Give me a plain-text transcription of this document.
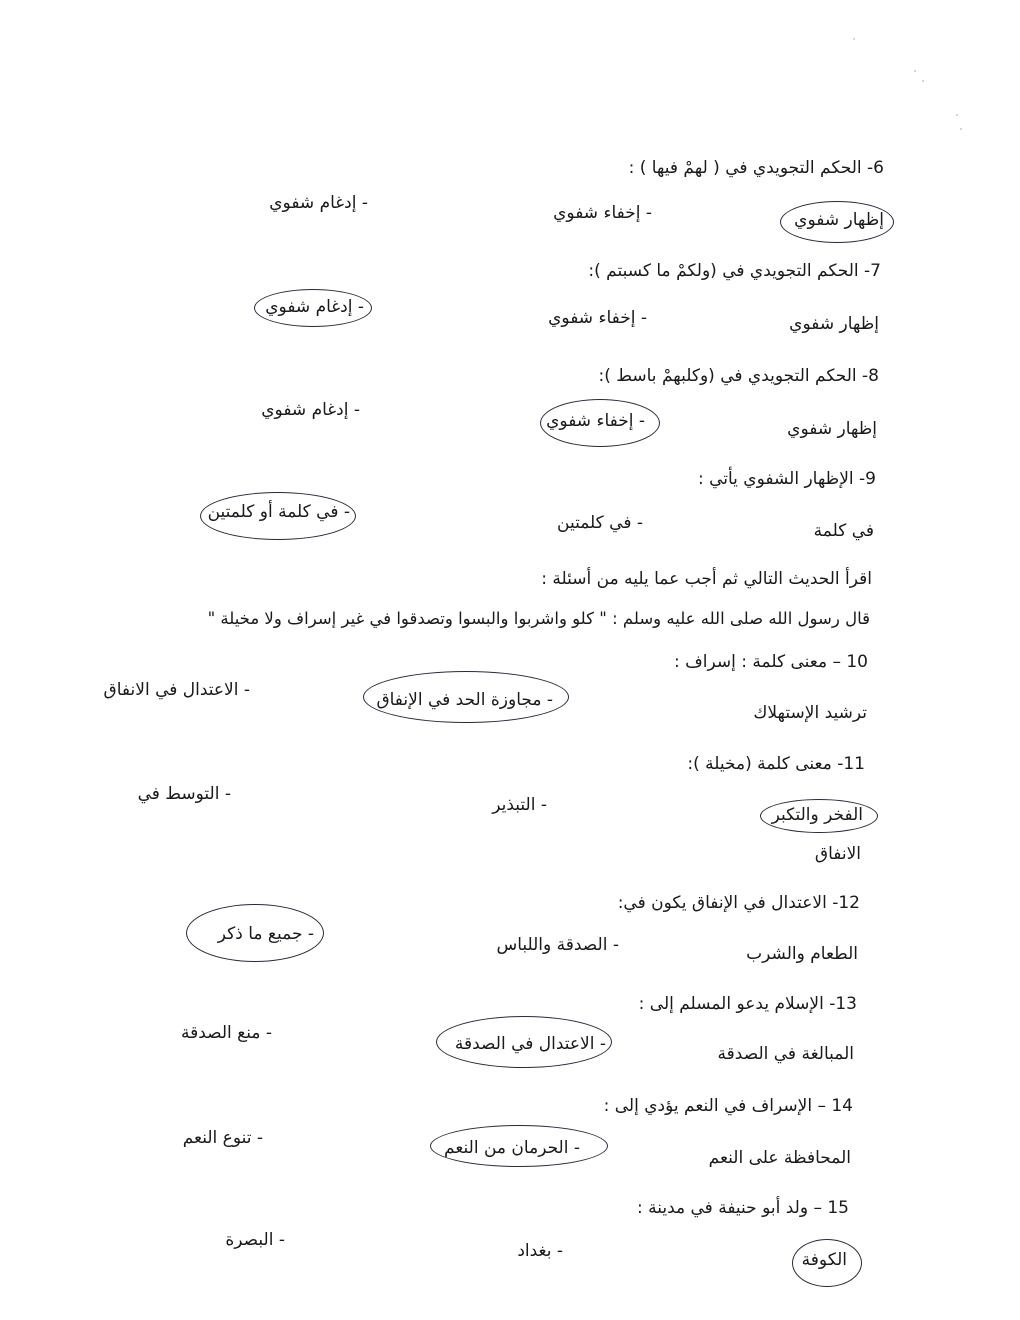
6- الحكم التجويدي في ( لهمْ فيها ) :
إظهار شفوي
- إخفاء شفوي
- إدغام شفوي
7- الحكم التجويدي في (ولكمْ ما كسبتم ):
إظهار شفوي
- إخفاء شفوي
- إدغام شفوي
8- الحكم التجويدي في (وكلبهمْ باسط ):
إظهار شفوي
- إخفاء شفوي
- إدغام شفوي
9- الإظهار الشفوي يأتي :
في كلمة
- في كلمتين
- في كلمة أو كلمتين
اقرأ الحديث التالي ثم أجب عما يليه من أسئلة :
قال رسول الله صلى الله عليه وسلم : " كلو واشربوا والبسوا وتصدقوا في غير إسراف ولا مخيلة "
10 – معنى كلمة : إسراف :
ترشيد الإستهلاك
- مجاوزة الحد في الإنفاق
- الاعتدال في الانفاق
11- معنى كلمة (مخيلة ):
الفخر والتكبر
- التبذير
- التوسط في
الانفاق
12- الاعتدال في الإنفاق يكون في:
الطعام والشرب
- الصدقة واللباس
- جميع ما ذكر
13- الإسلام يدعو المسلم إلى :
المبالغة في الصدقة
- الاعتدال في الصدقة
- منع الصدقة
14 – الإسراف في النعم يؤدي إلى :
المحافظة على النعم
- الحرمان من النعم
- تنوع النعم
15 – ولد أبو حنيفة في مدينة :
الكوفة
- بغداد
- البصرة
